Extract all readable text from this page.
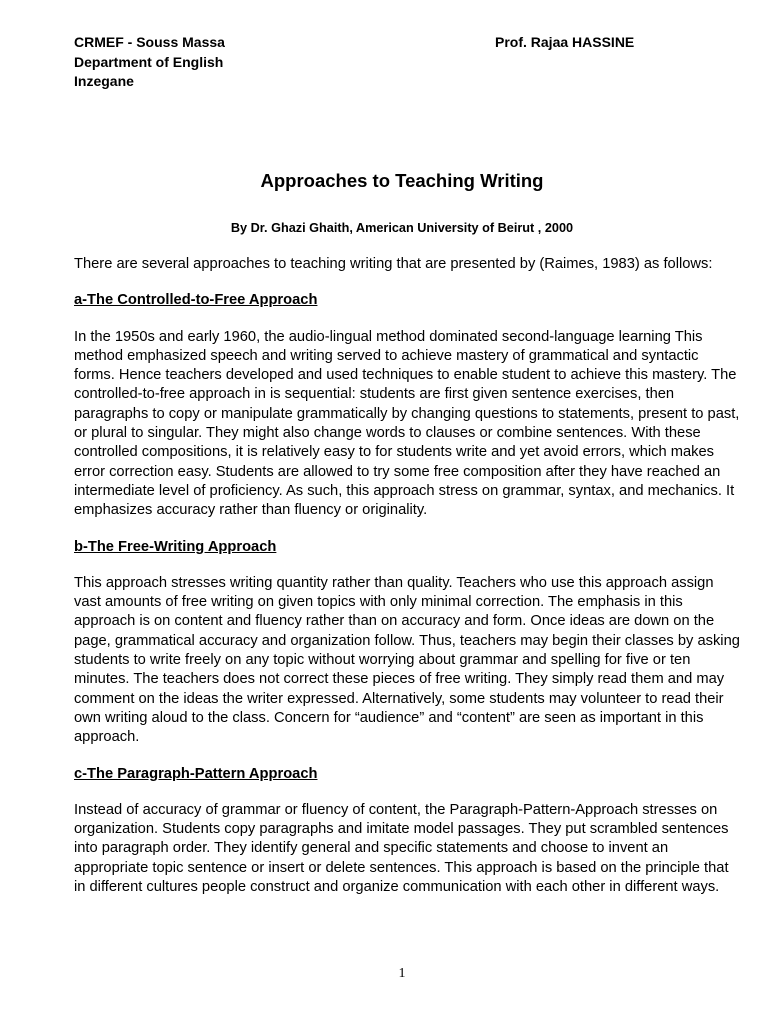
CRMEF - Souss Massa
Department of English
Inzegane
Prof. Rajaa HASSINE
Approaches to Teaching Writing
By Dr. Ghazi Ghaith, American University of Beirut , 2000

There are several approaches to teaching writing that are presented by (Raimes, 1983) as follows:

a-The Controlled-to-Free Approach

In the 1950s and early 1960, the audio-lingual method dominated second-language learning This method emphasized speech and writing served to achieve mastery of grammatical and syntactic forms. Hence teachers developed and used techniques to enable student to achieve this mastery. The controlled-to-free approach in is sequential: students are first given sentence exercises, then paragraphs to copy or manipulate grammatically by changing questions to statements, present to past, or plural to singular. They might also change words to clauses or combine sentences. With these controlled compositions, it is relatively easy to for students write and yet avoid errors, which makes error correction easy. Students are allowed to try some free composition after they have reached an intermediate level of proficiency. As such, this approach stress on grammar, syntax, and mechanics. It emphasizes accuracy rather than fluency or originality.

b-The Free-Writing Approach

This approach stresses writing quantity rather than quality. Teachers who use this approach assign vast amounts of free writing on given topics with only minimal correction. The emphasis in this approach is on content and fluency rather than on accuracy and form. Once ideas are down on the page, grammatical accuracy and organization follow. Thus, teachers may begin their classes by asking students to write freely on any topic without worrying about grammar and spelling for five or ten minutes. The teachers does not correct these pieces of free writing. They simply read them and may comment on the ideas the writer expressed. Alternatively, some students may volunteer to read their own writing aloud to the class. Concern for “audience” and “content” are seen as important in this approach.

c-The Paragraph-Pattern Approach

Instead of accuracy of grammar or fluency of content, the Paragraph-Pattern-Approach stresses on organization. Students copy paragraphs and imitate model passages. They put scrambled sentences into paragraph order. They identify general and specific statements and choose to invent an appropriate topic sentence or insert or delete sentences. This approach is based on the principle that in different cultures people construct and organize communication with each other in different ways.

1
